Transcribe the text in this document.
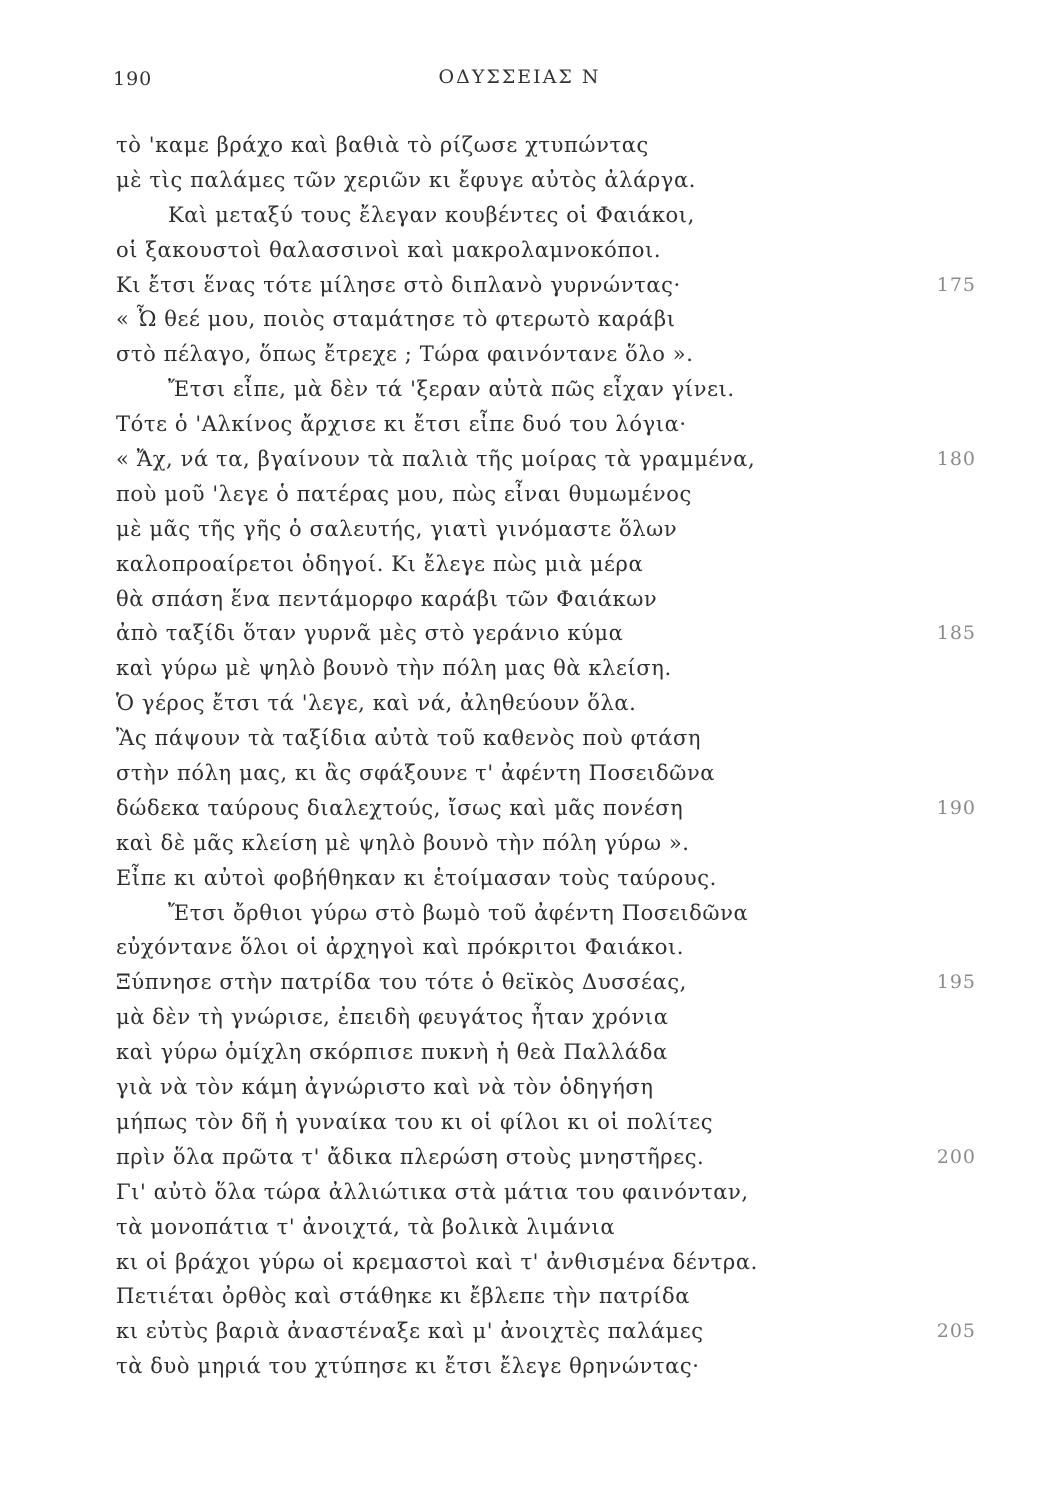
190	ΟΔΥΣΣΕΙΑΣ Ν
τὸ 'καμε βράχο καὶ βαθιὰ τὸ ρίζωσε χτυπώντας
μὲ τὶς παλάμες τῶν χεριῶν κι ἔφυγε αὐτὸς ἀλάργα.
Καὶ μεταξύ τους ἔλεγαν κουβέντες οἱ Φαιάκοι,
οἱ ξακουστοὶ θαλασσινοὶ καὶ μακρολαμνοκόποι.
Κι ἔτσι ἕνας τότε μίλησε στὸ διπλανὸ γυρνώντας·	175
« Ὦ θεέ μου, ποιὸς σταμάτησε τὸ φτερωτὸ καράβι
στὸ πέλαγο, ὅπως ἔτρεχε ; Τώρα φαινόντανε ὅλο ».
Ἔτσι εἶπε, μὰ δὲν τά 'ξεραν αὐτὰ πῶς εἶχαν γίνει.
Τότε ὁ 'Αλκίνος ἄρχισε κι ἔτσι εἶπε δυό του λόγια·
« Ἄχ, νά τα, βγαίνουν τὰ παλιὰ τῆς μοίρας τὰ γραμμένα,	180
ποὺ μοῦ 'λεγε ὁ πατέρας μου, πὼς εἶναι θυμωμένος
μὲ μᾶς τῆς γῆς ὁ σαλευτής, γιατὶ γινόμαστε ὅλων
καλοπροαίρετοι ὁδηγοί. Κι ἔλεγε πὼς μιὰ μέρα
θὰ σπάση ἕνα πεντάμορφο καράβι τῶν Φαιάκων
ἀπὸ ταξίδι ὅταν γυρνᾶ μὲς στὸ γεράνιο κύμα	185
καὶ γύρω μὲ ψηλὸ βουνὸ τὴν πόλη μας θὰ κλείση.
Ὁ γέρος ἔτσι τά 'λεγε, καὶ νά, ἀληθεύουν ὅλα.
Ἂς πάψουν τὰ ταξίδια αὐτὰ τοῦ καθενὸς ποὺ φτάση
στὴν πόλη μας, κι ἂς σφάξουνε τ' ἀφέντη Ποσειδῶνα
δώδεκα ταύρους διαλεχτούς, ἴσως καὶ μᾶς πονέση	190
καὶ δὲ μᾶς κλείση μὲ ψηλὸ βουνὸ τὴν πόλη γύρω ».
Εἶπε κι αὐτοὶ φοβήθηκαν κι ἑτοίμασαν τοὺς ταύρους.
Ἔτσι ὄρθιοι γύρω στὸ βωμὸ τοῦ ἀφέντη Ποσειδῶνα
εὐχόντανε ὅλοι οἱ ἀρχηγοὶ καὶ πρόκριτοι Φαιάκοι.
Ξύπνησε στὴν πατρίδα του τότε ὁ θεϊκὸς Δυσσέας,	195
μὰ δὲν τὴ γνώρισε, ἐπειδὴ φευγάτος ἦταν χρόνια
καὶ γύρω ὁμίχλη σκόρπισε πυκνὴ ἡ θεὰ Παλλάδα
γιὰ νὰ τὸν κάμη ἀγνώριστο καὶ νὰ τὸν ὁδηγήση
μήπως τὸν δῆ ἡ γυναίκα του κι οἱ φίλοι κι οἱ πολίτες
πρὶν ὅλα πρῶτα τ' ἄδικα πλερώση στοὺς μνηστῆρες.	200
Γι' αὐτὸ ὅλα τώρα ἀλλιώτικα στὰ μάτια του φαινόνταν,
τὰ μονοπάτια τ' ἀνοιχτά, τὰ βολικὰ λιμάνια
κι οἱ βράχοι γύρω οἱ κρεμαστοὶ καὶ τ' ἀνθισμένα δέντρα.
Πετιέται ὀρθὸς καὶ στάθηκε κι ἔβλεπε τὴν πατρίδα
κι εὐτὺς βαριὰ ἀναστέναξε καὶ μ' ἀνοιχτὲς παλάμες	205
τὰ δυὸ μηριά του χτύπησε κι ἔτσι ἔλεγε θρηνώντας·
